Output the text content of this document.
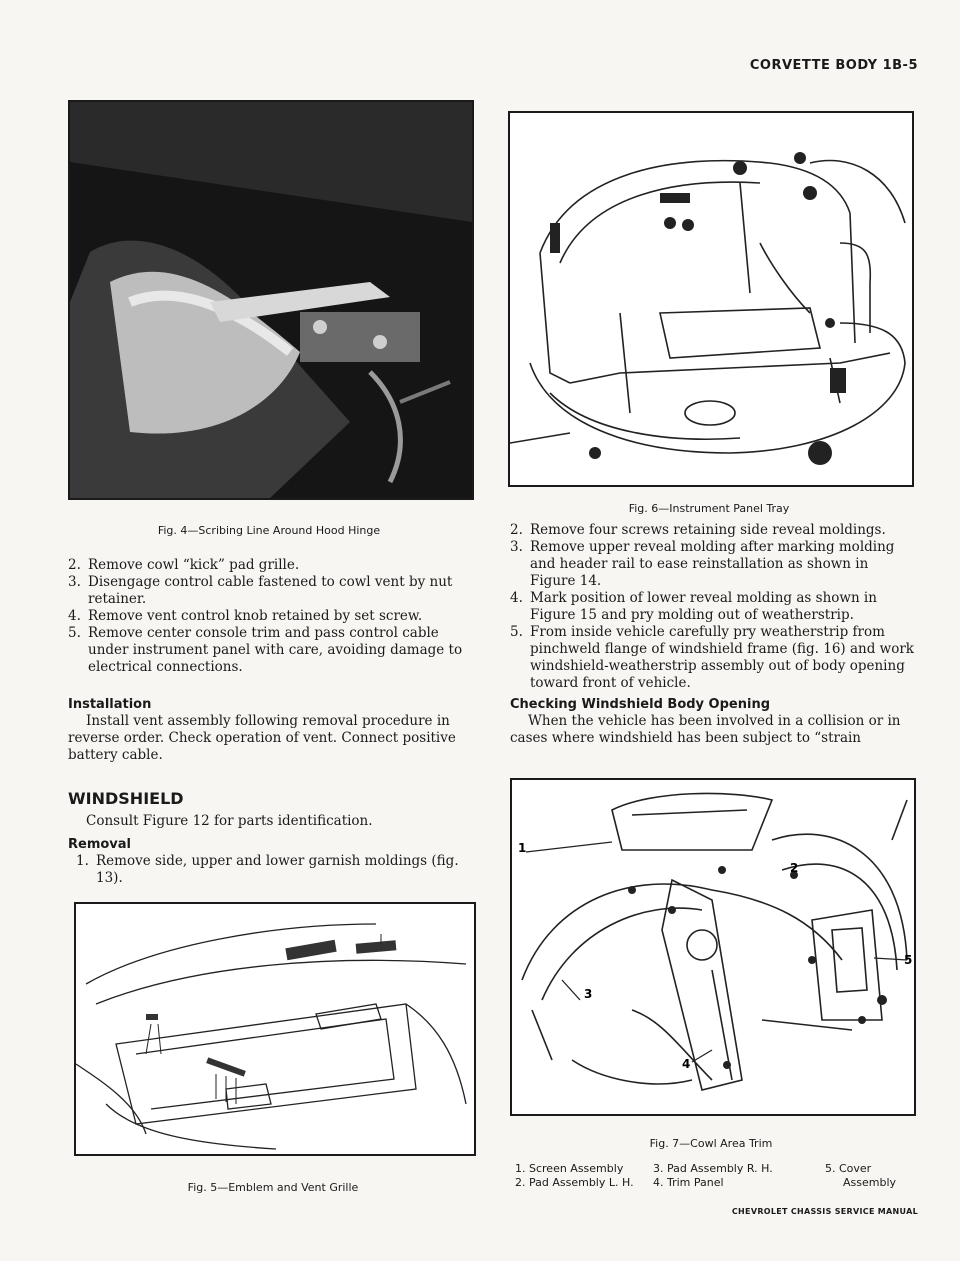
CORVETTE BODY 1B-5
Fig. 4—Scribing Line Around Hood Hinge
2. Remove cowl “kick” pad grille.
3. Disengage control cable fastened to cowl vent by nut retainer.
4. Remove vent control knob retained by set screw.
5. Remove center console trim and pass control cable under instrument panel with care, avoiding damage to electrical connections.

Installation

Install vent assembly following removal procedure in reverse order. Check operation of vent. Connect positive battery cable.

WINDSHIELD

Consult Figure 12 for parts identification.

Removal

1. Remove side, upper and lower garnish moldings (fig. 13).
Fig. 5—Emblem and Vent Grille
Fig. 6—Instrument Panel Tray
2. Remove four screws retaining side reveal moldings.
3. Remove upper reveal molding after marking molding and header rail to ease reinstallation as shown in Figure 14.
4. Mark position of lower reveal molding as shown in Figure 15 and pry molding out of weatherstrip.
5. From inside vehicle carefully pry weatherstrip from pinchweld flange of windshield frame (fig. 16) and work windshield-weatherstrip assembly out of body opening toward front of vehicle.

Checking Windshield Body Opening

When the vehicle has been involved in a collision or in cases where windshield has been subject to “strain

1
2
3
4
5
Fig. 7—Cowl Area Trim
1. Screen Assembly
2. Pad Assembly L. H.
3. Pad Assembly R. H.
4. Trim Panel
5. Cover
Assembly
CHEVROLET CHASSIS SERVICE MANUAL
